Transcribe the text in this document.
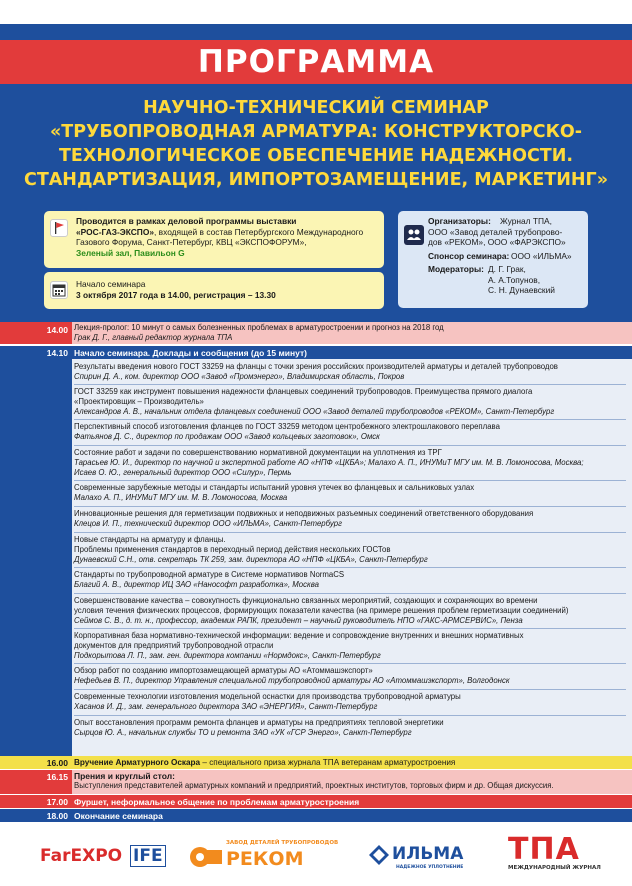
ПРОГРАММА
НАУЧНО-ТЕХНИЧЕСКИЙ СЕМИНАР
«ТРУБОПРОВОДНАЯ АРМАТУРА: КОНСТРУКТОРСКО-
ТЕХНОЛОГИЧЕСКОЕ ОБЕСПЕЧЕНИЕ НАДЕЖНОСТИ.
СТАНДАРТИЗАЦИЯ, ИМПОРТОЗАМЕЩЕНИЕ, МАРКЕТИНГ»
Проводится в рамках деловой программы выставки
«РОС-ГАЗ-ЭКСПО», входящей в состав Петербургского Международного
Газового Форума, Санкт-Петербург, КВЦ «ЭКСПОФОРУМ»,
Зеленый зал, Павильон G
Начало семинара
3 октября 2017 года в 14.00, регистрация – 13.30
Организаторы:	Журнал ТПА,
ООО «Завод деталей трубопрово-
дов «РЕКОМ», ООО «ФАРЭКСПО»
Спонсор семинара: ООО «ИЛЬМА»
Модераторы: Д. Г. Грак,
А. А.Топунов,
С. Н. Дунаевский
14.00 Лекция-пролог: 10 минут о самых болезненных проблемах в арматуростроении и прогноз на 2018 год
Грак Д. Г., главный редактор журнала ТПА
14.10 Начало семинара. Доклады и сообщения (до 15 минут)
Результаты введения нового ГОСТ 33259 на фланцы с точки зрения российских производителей арматуры и деталей трубопроводов
Спирин Д. А., ком. директор ООО «Завод «Промэнерго», Владимирская область, Покров
ГОСТ 33259 как инструмент повышения надежности фланцевых соединений трубопроводов. Преимущества прямого диалога
«Проектировщик – Производитель»
Александров А. В., начальник отдела фланцевых соединений ООО «Завод деталей трубопроводов «РЕКОМ», Санкт-Петербург
Перспективный способ изготовления фланцев по ГОСТ 33259 методом центробежного электрошлакового переплава
Фатьянов Д. С., директор по продажам ООО «Завод кольцевых заготовок», Омск
Состояние работ и задачи по совершенствованию нормативной документации на уплотнения из ТРГ
Тарасьев Ю. И., директор по научной и экспертной работе АО «НПФ «ЦКБА»; Малахо А. П., ИНУМиТ МГУ им. М. В. Ломоносова, Москва;
Исаев О. Ю., генеральный директор ООО «Силур», Пермь
Современные зарубежные методы и стандарты испытаний уровня утечек во фланцевых и сальниковых узлах
Малахо А. П., ИНУМиТ МГУ им. М. В. Ломоносова, Москва
Инновационные решения для герметизации подвижных и неподвижных разъемных соединений ответственного оборудования
Клецов И. П., технический директор ООО «ИЛЬМА», Санкт-Петербург
Новые стандарты на арматуру и фланцы.
Проблемы применения стандартов в переходный период действия нескольких ГОСТов
Дунаевский С.Н., отв. секретарь ТК 259, зам. директора АО «НПФ «ЦКБА», Санкт-Петербург
Стандарты по трубопроводной арматуре в Системе нормативов NormaCS
Благий А. В., директор ИЦ ЗАО «Нанософт разработка», Москва
Совершенствование качества – совокупность функционально связанных мероприятий, создающих и сохраняющих во времени
условия течения физических процессов, формирующих показатели качества (на примере решения проблем герметизации соединений)
Сеймов С. В., д. т. н., профессор, академик РАПК, президент – научный руководитель НПО «ГАКС-АРМСЕРВИС», Пенза
Корпоративная база нормативно-технической информации: ведение и сопровождение внутренних и внешних нормативных
документов для предприятий трубопроводной отрасли
Подкорытова Л. П., зам. ген. директора компании «Нормдокс», Санкт-Петербург
Обзор работ по созданию импортозамещающей арматуры АО «Атоммашэкспорт»
Нефедьев В. П., директор Управления специальной трубопроводной арматуры АО «Атоммашэкспорт», Волгодонск
Современные технологии изготовления модельной оснастки для производства трубопроводной арматуры
Хасанов И. Д., зам. генерального директора ЗАО «ЭНЕРГИЯ», Санкт-Петербург
Опыт восстановления программ ремонта фланцев и арматуры на предприятиях тепловой энергетики
Сырцов Ю. А., начальник службы ТО и ремонта ЗАО «УК «ГСР Энерго», Санкт-Петербург
16.00 Вручение Арматурного Оскара – специального приза журнала ТПА ветеранам арматуростроения
16.15 Прения и круглый стол:
Выступления представителей арматурных компаний и предприятий, проектных институтов, торговых фирм и др. Общая дискуссия.
17.00 Фуршет, неформальное общение по проблемам арматуростроения
18.00 Окончание семинара
FarEXPO IFE
ЗАВОД ДЕТАЛЕЙ ТРУБОПРОВОДОВ
РЕКОМ	ИЛЬМА
НАДЕЖНОЕ УПЛОТНЕНИЕ
ТПА
МЕЖДУНАРОДНЫЙ ЖУРНАЛ
